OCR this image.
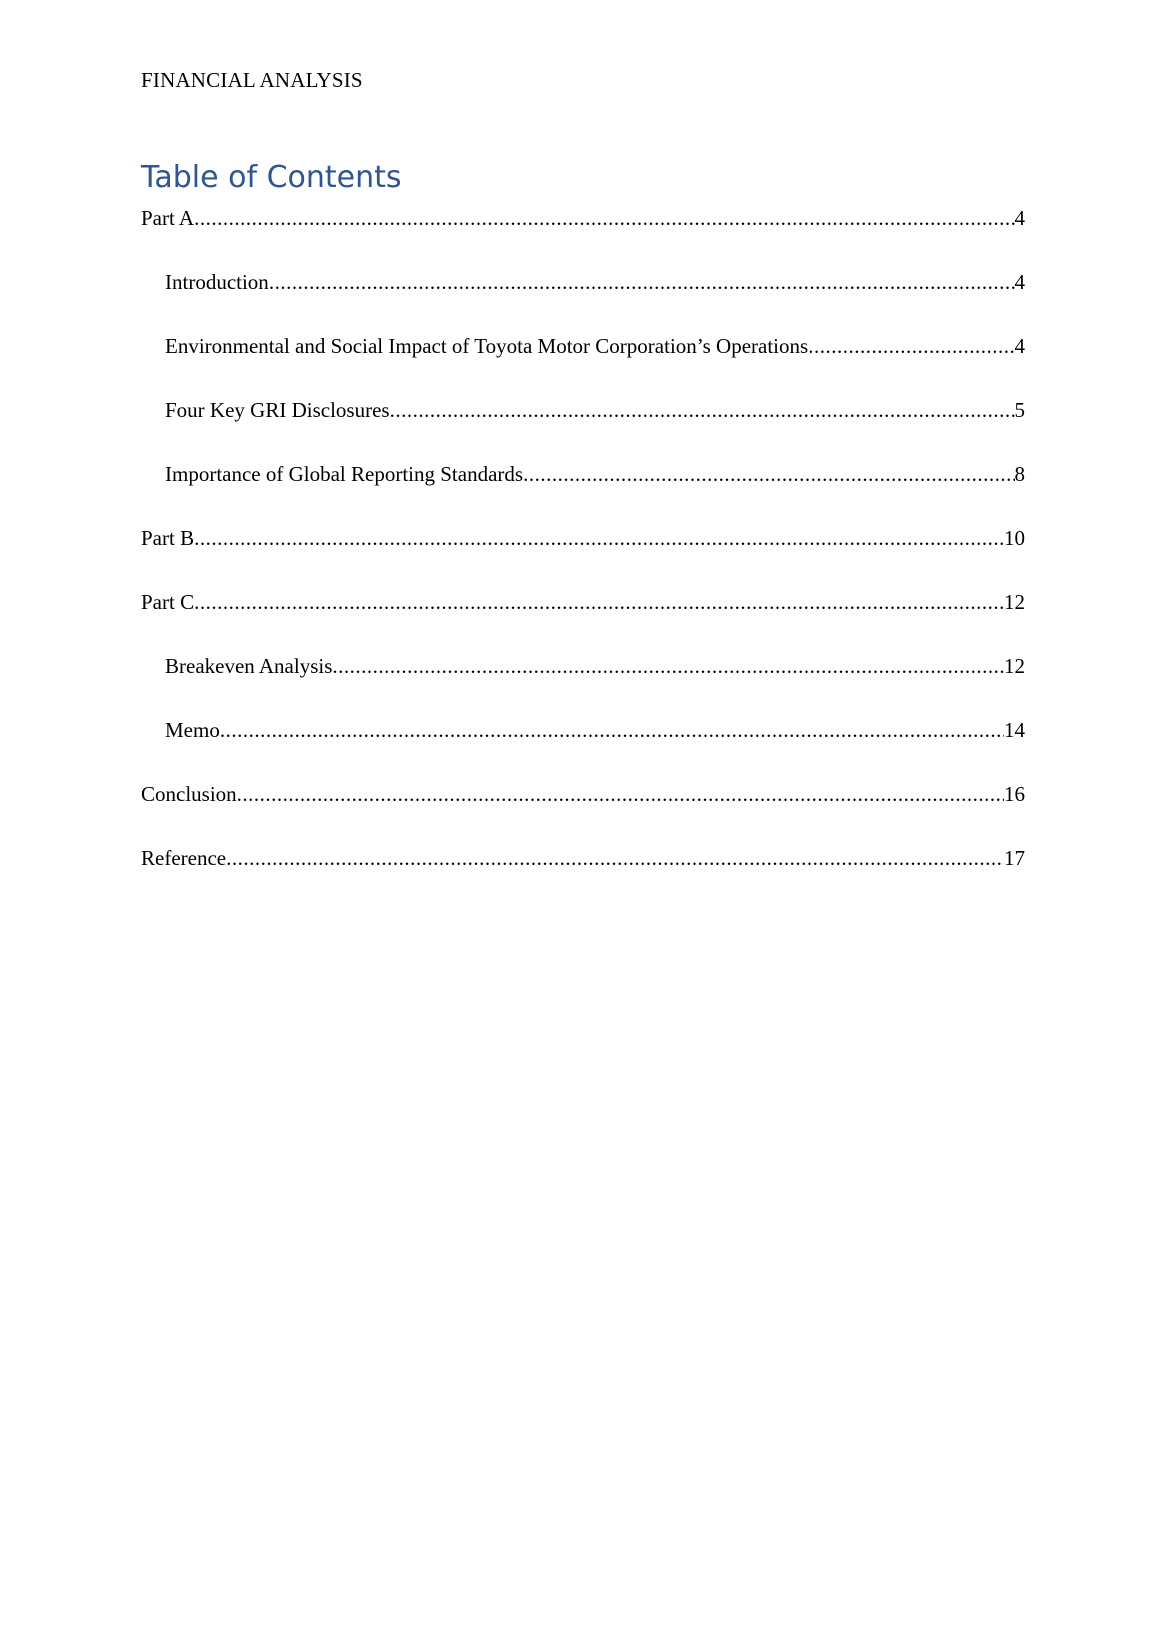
FINANCIAL ANALYSIS
Table of Contents
Part A .....	4
Introduction .....	4
Environmental and Social Impact of Toyota Motor Corporation’s Operations .....	4
Four Key GRI Disclosures .....	5
Importance of Global Reporting Standards .....	8
Part B .....	10
Part C .....	12
Breakeven Analysis .....	12
Memo .....	14
Conclusion .....	16
Reference .....	17
